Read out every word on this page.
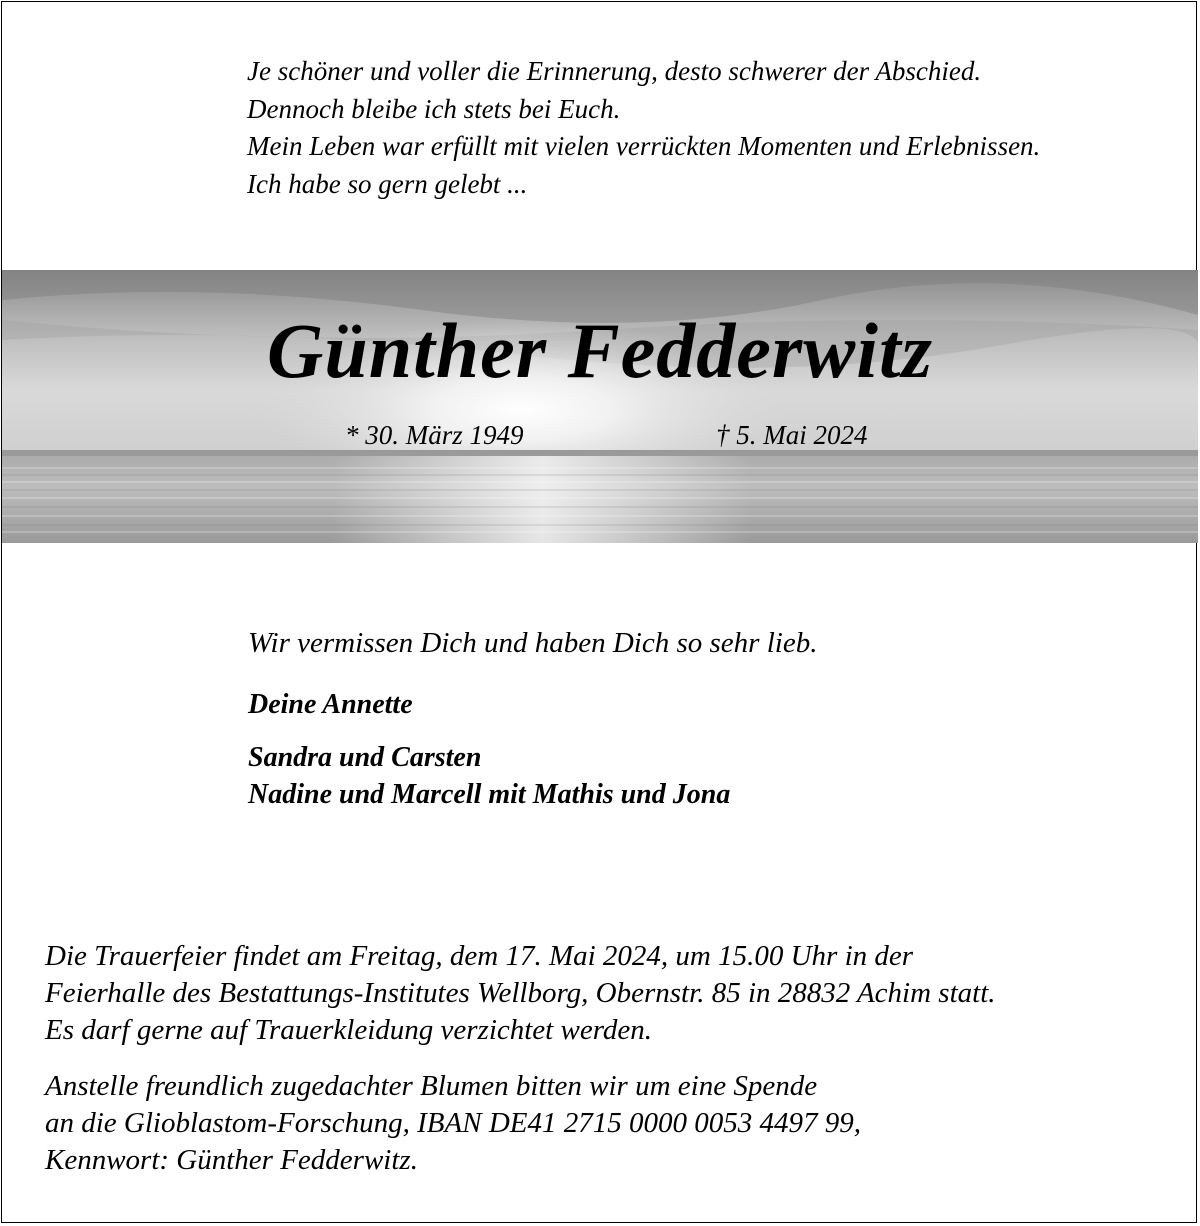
Je schöner und voller die Erinnerung, desto schwerer der Abschied.
Dennoch bleibe ich stets bei Euch.
Mein Leben war erfüllt mit vielen verrückten Momenten und Erlebnissen.
Ich habe so gern gelebt ...
Günther Fedderwitz
* 30. März 1949	† 5. Mai 2024
Wir vermissen Dich und haben Dich so sehr lieb.
Deine Annette
Sandra und Carsten
Nadine und Marcell mit Mathis und Jona
Die Trauerfeier findet am Freitag, dem 17. Mai 2024, um 15.00 Uhr in der
Feierhalle des Bestattungs-Institutes Wellborg, Obernstr. 85 in 28832 Achim statt.
Es darf gerne auf Trauerkleidung verzichtet werden.
Anstelle freundlich zugedachter Blumen bitten wir um eine Spende
an die Glioblastom-Forschung, IBAN DE41 2715 0000 0053 4497 99,
Kennwort: Günther Fedderwitz.
